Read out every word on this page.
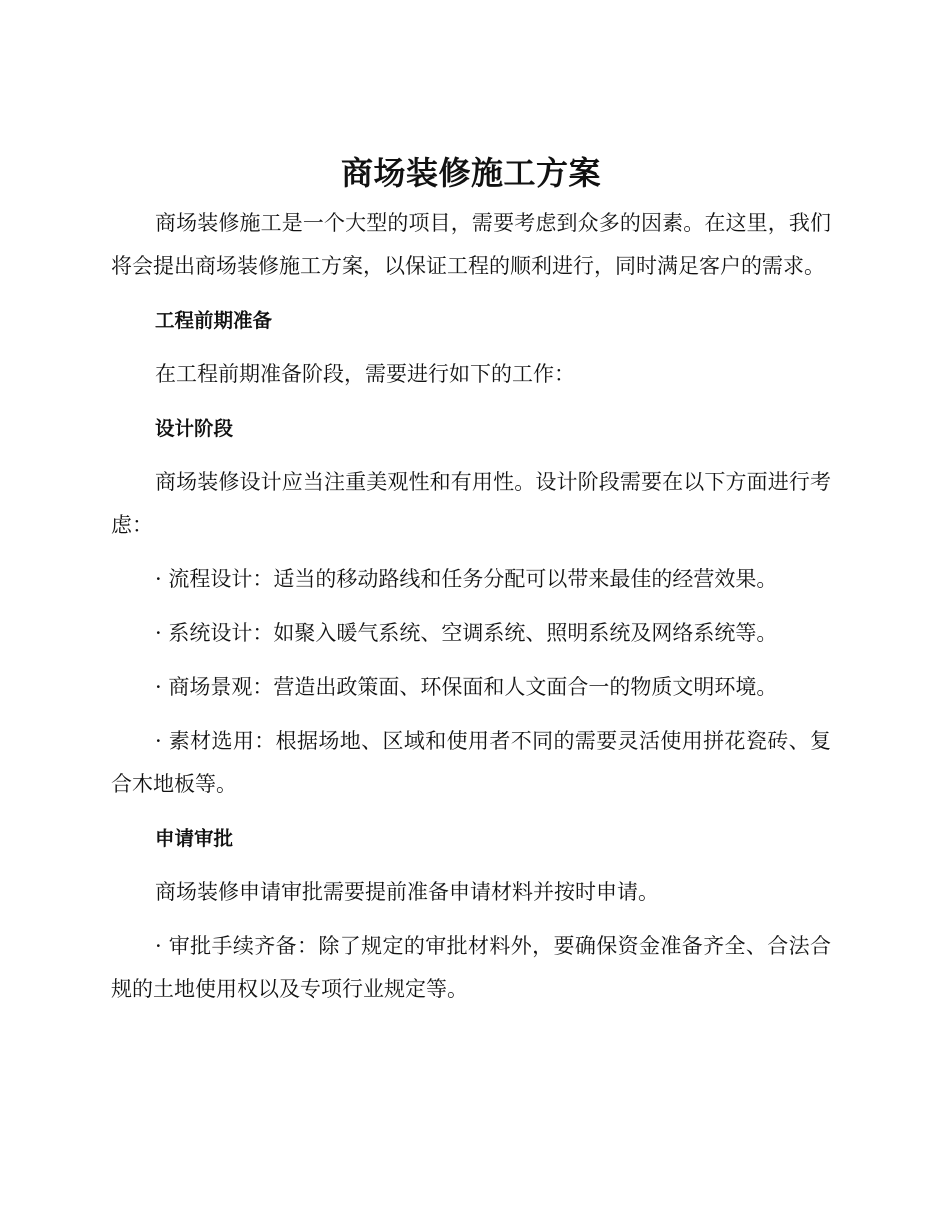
商场装修施工方案

商场装修施工是一个大型的项目，需要考虑到众多的因素。在这里，我们将会提出商场装修施工方案，以保证工程的顺利进行，同时满足客户的需求。

工程前期准备

在工程前期准备阶段，需要进行如下的工作：

设计阶段

商场装修设计应当注重美观性和有用性。设计阶段需要在以下方面进行考虑：

· 流程设计：适当的移动路线和任务分配可以带来最佳的经营效果。

· 系统设计：如聚入暖气系统、空调系统、照明系统及网络系统等。

· 商场景观：营造出政策面、环保面和人文面合一的物质文明环境。

· 素材选用：根据场地、区域和使用者不同的需要灵活使用拼花瓷砖、复合木地板等。

申请审批

商场装修申请审批需要提前准备申请材料并按时申请。

· 审批手续齐备：除了规定的审批材料外，要确保资金准备齐全、合法合规的土地使用权以及专项行业规定等。
